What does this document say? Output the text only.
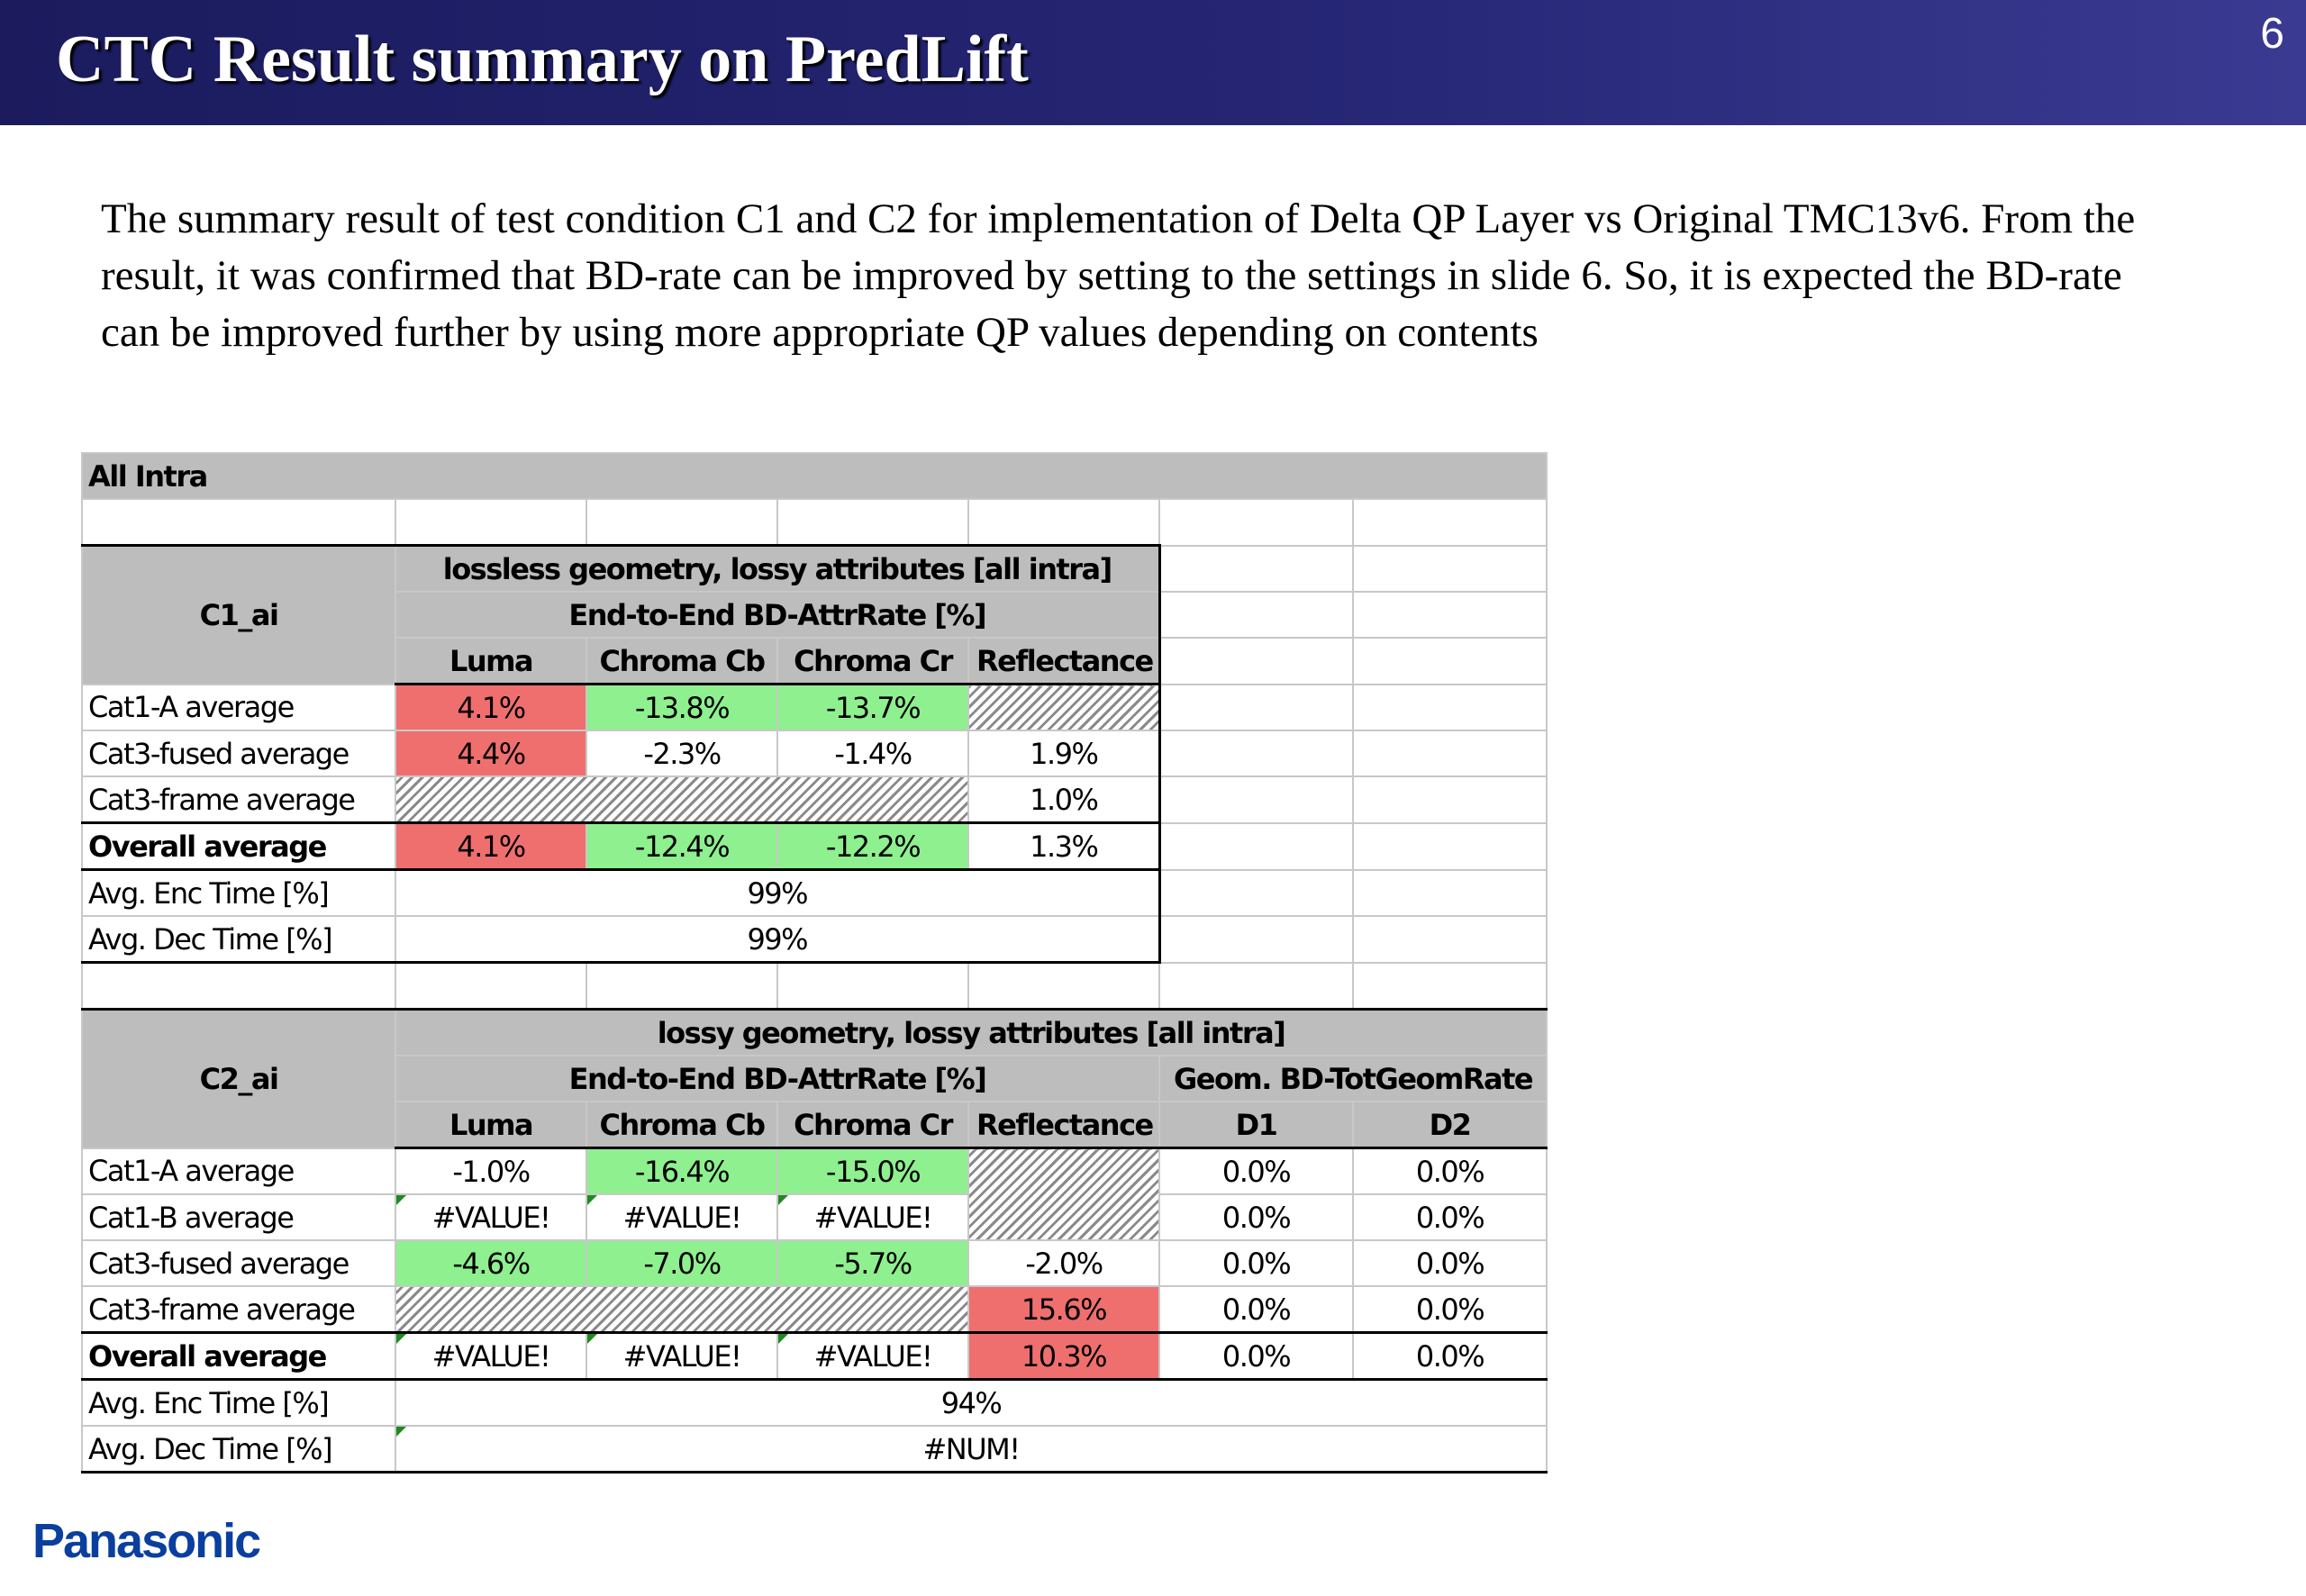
CTC Result summary on PredLift	6

The summary result of test condition C1 and C2 for implementation of Delta QP Layer vs Original TMC13v6. From the result, it was confirmed that BD-rate can be improved by setting to the settings in slide 6. So, it is expected the BD-rate can be improved further by using more appropriate QP values depending on contents

All Intra						

C1_ai	lossless geometry, lossy attributes [all intra]					
	End-to-End BD-AttrRate [%]					
	Luma	Chroma Cb	Chroma Cr	Reflectance		
Cat1-A average	4.1%	-13.8%	-13.7%			
Cat3-fused average	4.4%	-2.3%	-1.4%	1.9%		
Cat3-frame average				1.0%		
Overall average	4.1%	-12.4%	-12.2%	1.3%		
Avg. Enc Time [%]	99%					
Avg. Dec Time [%]	99%					

C2_ai	lossy geometry, lossy attributes [all intra]					
	End-to-End BD-AttrRate [%]				Geom. BD-TotGeomRate	
	Luma	Chroma Cb	Chroma Cr	Reflectance	D1	D2
Cat1-A average	-1.0%	-16.4%	-15.0%		0.0%	0.0%
Cat1-B average	#VALUE!	#VALUE!	#VALUE!		0.0%	0.0%
Cat3-fused average	-4.6%	-7.0%	-5.7%	-2.0%	0.0%	0.0%
Cat3-frame average				15.6%	0.0%	0.0%
Overall average	#VALUE!	#VALUE!	#VALUE!	10.3%	0.0%	0.0%
Avg. Enc Time [%]	94%					
Avg. Dec Time [%]	#NUM!					
Panasonic
